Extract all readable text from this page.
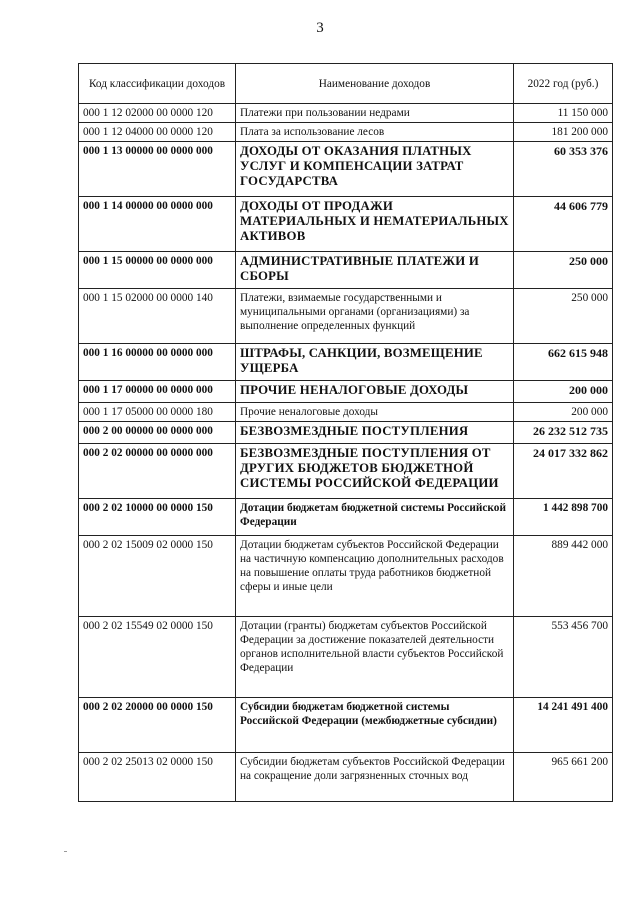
3
Код классификации доходов	Наименование доходов	2022 год (руб.)
000 1 12 02000 00 0000 120	Платежи при пользовании недрами	11 150 000
000 1 12 04000 00 0000 120	Плата за использование лесов	181 200 000
000 1 13 00000 00 0000 000	ДОХОДЫ ОТ ОКАЗАНИЯ ПЛАТНЫХ УСЛУГ И КОМПЕНСАЦИИ ЗАТРАТ ГОСУДАРСТВА	60 353 376
000 1 14 00000 00 0000 000	ДОХОДЫ ОТ ПРОДАЖИ МАТЕРИАЛЬНЫХ И НЕМАТЕРИАЛЬНЫХ АКТИВОВ	44 606 779
000 1 15 00000 00 0000 000	АДМИНИСТРАТИВНЫЕ ПЛАТЕЖИ И СБОРЫ	250 000
000 1 15 02000 00 0000 140	Платежи, взимаемые государственными и муниципальными органами (организациями) за выполнение определенных функций	250 000
000 1 16 00000 00 0000 000	ШТРАФЫ, САНКЦИИ, ВОЗМЕЩЕНИЕ УЩЕРБА	662 615 948
000 1 17 00000 00 0000 000	ПРОЧИЕ НЕНАЛОГОВЫЕ ДОХОДЫ	200 000
000 1 17 05000 00 0000 180	Прочие неналоговые доходы	200 000
000 2 00 00000 00 0000 000	БЕЗВОЗМЕЗДНЫЕ ПОСТУПЛЕНИЯ	26 232 512 735
000 2 02 00000 00 0000 000	БЕЗВОЗМЕЗДНЫЕ ПОСТУПЛЕНИЯ ОТ ДРУГИХ БЮДЖЕТОВ БЮДЖЕТНОЙ СИСТЕМЫ РОССИЙСКОЙ ФЕДЕРАЦИИ	24 017 332 862
000 2 02 10000 00 0000 150	Дотации бюджетам бюджетной системы Российской Федерации	1 442 898 700
000 2 02 15009 02 0000 150	Дотации бюджетам субъектов Российской Федерации на частичную компенсацию дополнительных расходов на повышение оплаты труда работников бюджетной сферы и иные цели	889 442 000
000 2 02 15549 02 0000 150	Дотации (гранты) бюджетам субъектов Российской Федерации за достижение показателей деятельности органов исполнительной власти субъектов Российской Федерации	553 456 700
000 2 02 20000 00 0000 150	Субсидии бюджетам бюджетной системы Российской Федерации (межбюджетные субсидии)	14 241 491 400
000 2 02 25013 02 0000 150	Субсидии бюджетам субъектов Российской Федерации на сокращение доли загрязненных сточных вод	965 661 200
